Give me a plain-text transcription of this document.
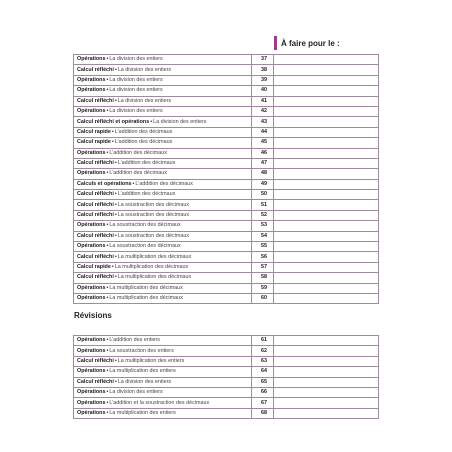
À faire pour le :
Opérations•La division des entiers	37	
Calcul réfléchi•La division des entiers	38	
Opérations•La division des entiers	39	
Opérations•La division des entiers	40	
Calcul réfléchi•La division des entiers	41	
Opérations•La division des entiers	42	
Calcul réfléchi et opérations•La division des entiers	43	
Calcul rapide•L’addition des décimaux	44	
Calcul rapide•L’addition des décimaux	45	
Opérations•L’addition des décimaux	46	
Calcul réfléchi•L’addition des décimaux	47	
Opérations•L’addition des décimaux	48	
Calculs et opérations•L’addition des décimaux	49	
Calcul réfléchi•L’addition des décimaux	50	
Calcul réfléchi•La soustraction des décimaux	51	
Calcul réfléchi•La soustraction des décimaux	52	
Opérations•La soustraction des décimaux	53	
Calcul réfléchi•La soustraction des décimaux	54	
Opérations•La soustraction des décimaux	55	
Calcul réfléchi•La multiplication des décimaux	56	
Calcul rapide•La multiplication des décimaux	57	
Calcul réfléchi•La multiplication des décimaux	58	
Opérations•La multiplication des décimaux	59	
Opérations•La multiplication des décimaux	60	
Révisions
Opérations•L’addition des entiers	61	
Opérations•La soustraction des entiers	62	
Calcul réfléchi•La multiplication des entiers	63	
Opérations•La multiplication des entiers	64	
Calcul réfléchi•La division des entiers	65	
Opérations•La division des entiers	66	
Opérations•L’addition et la soustraction des décimaux	67	
Opérations•La multiplication des entiers	68	
